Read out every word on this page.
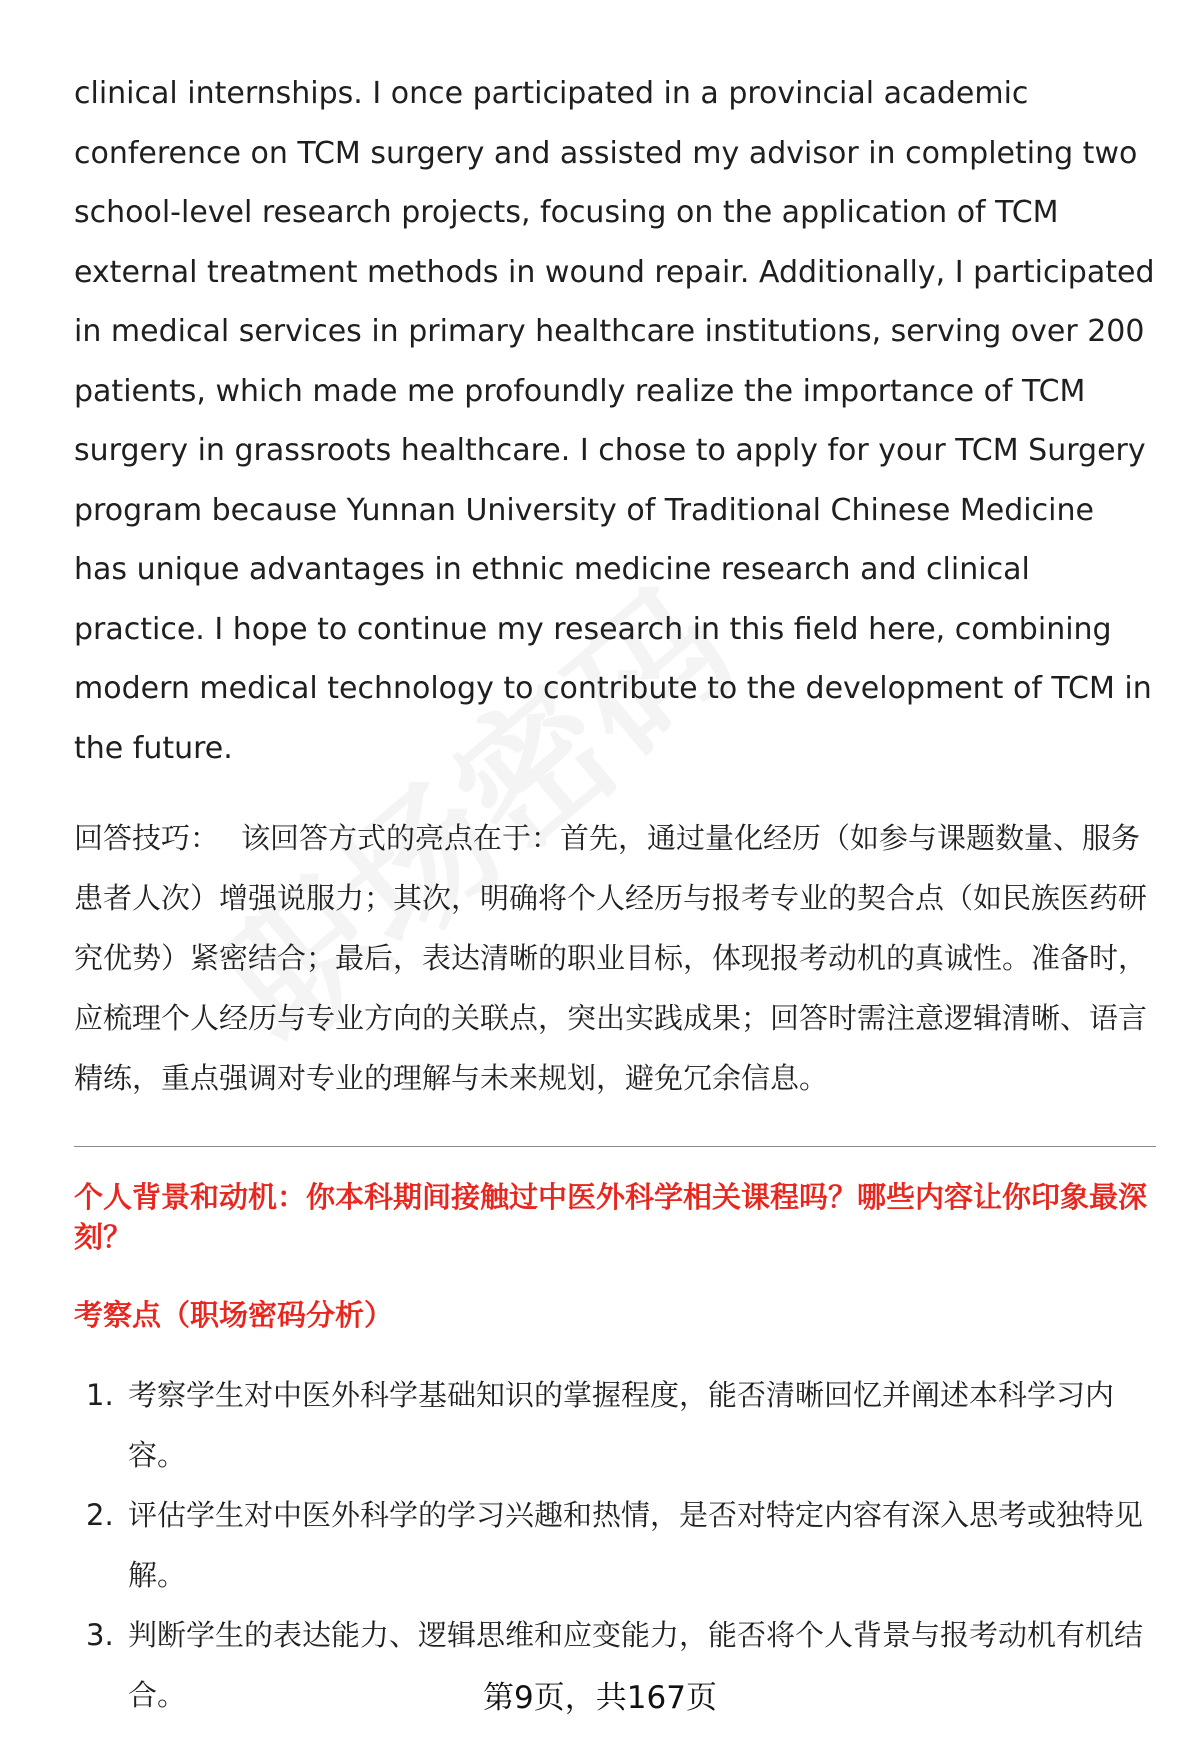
clinical internships. I once participated in a provincial academic conference on TCM surgery and assisted my advisor in completing two school-level research projects, focusing on the application of TCM external treatment methods in wound repair. Additionally, I participated in medical services in primary healthcare institutions, serving over 200 patients, which made me profoundly realize the importance of TCM surgery in grassroots healthcare. I chose to apply for your TCM Surgery program because Yunnan University of Traditional Chinese Medicine has unique advantages in ethnic medicine research and clinical practice. I hope to continue my research in this field here, combining modern medical technology to contribute to the development of TCM in the future.

回答技巧： 该回答方式的亮点在于：首先，通过量化经历（如参与课题数量、服务患者人次）增强说服力；其次，明确将个人经历与报考专业的契合点（如民族医药研究优势）紧密结合；最后，表达清晰的职业目标，体现报考动机的真诚性。准备时，应梳理个人经历与专业方向的关联点，突出实践成果；回答时需注意逻辑清晰、语言精练，重点强调对专业的理解与未来规划，避免冗余信息。

个人背景和动机：你本科期间接触过中医外科学相关课程吗？哪些内容让你印象最深刻？

考察点（职场密码分析）

1. 考察学生对中医外科学基础知识的掌握程度，能否清晰回忆并阐述本科学习内容。
2. 评估学生对中医外科学的学习兴趣和热情，是否对特定内容有深入思考或独特见解。
3. 判断学生的表达能力、逻辑思维和应变能力，能否将个人背景与报考动机有机结合。	第9页，共167页
